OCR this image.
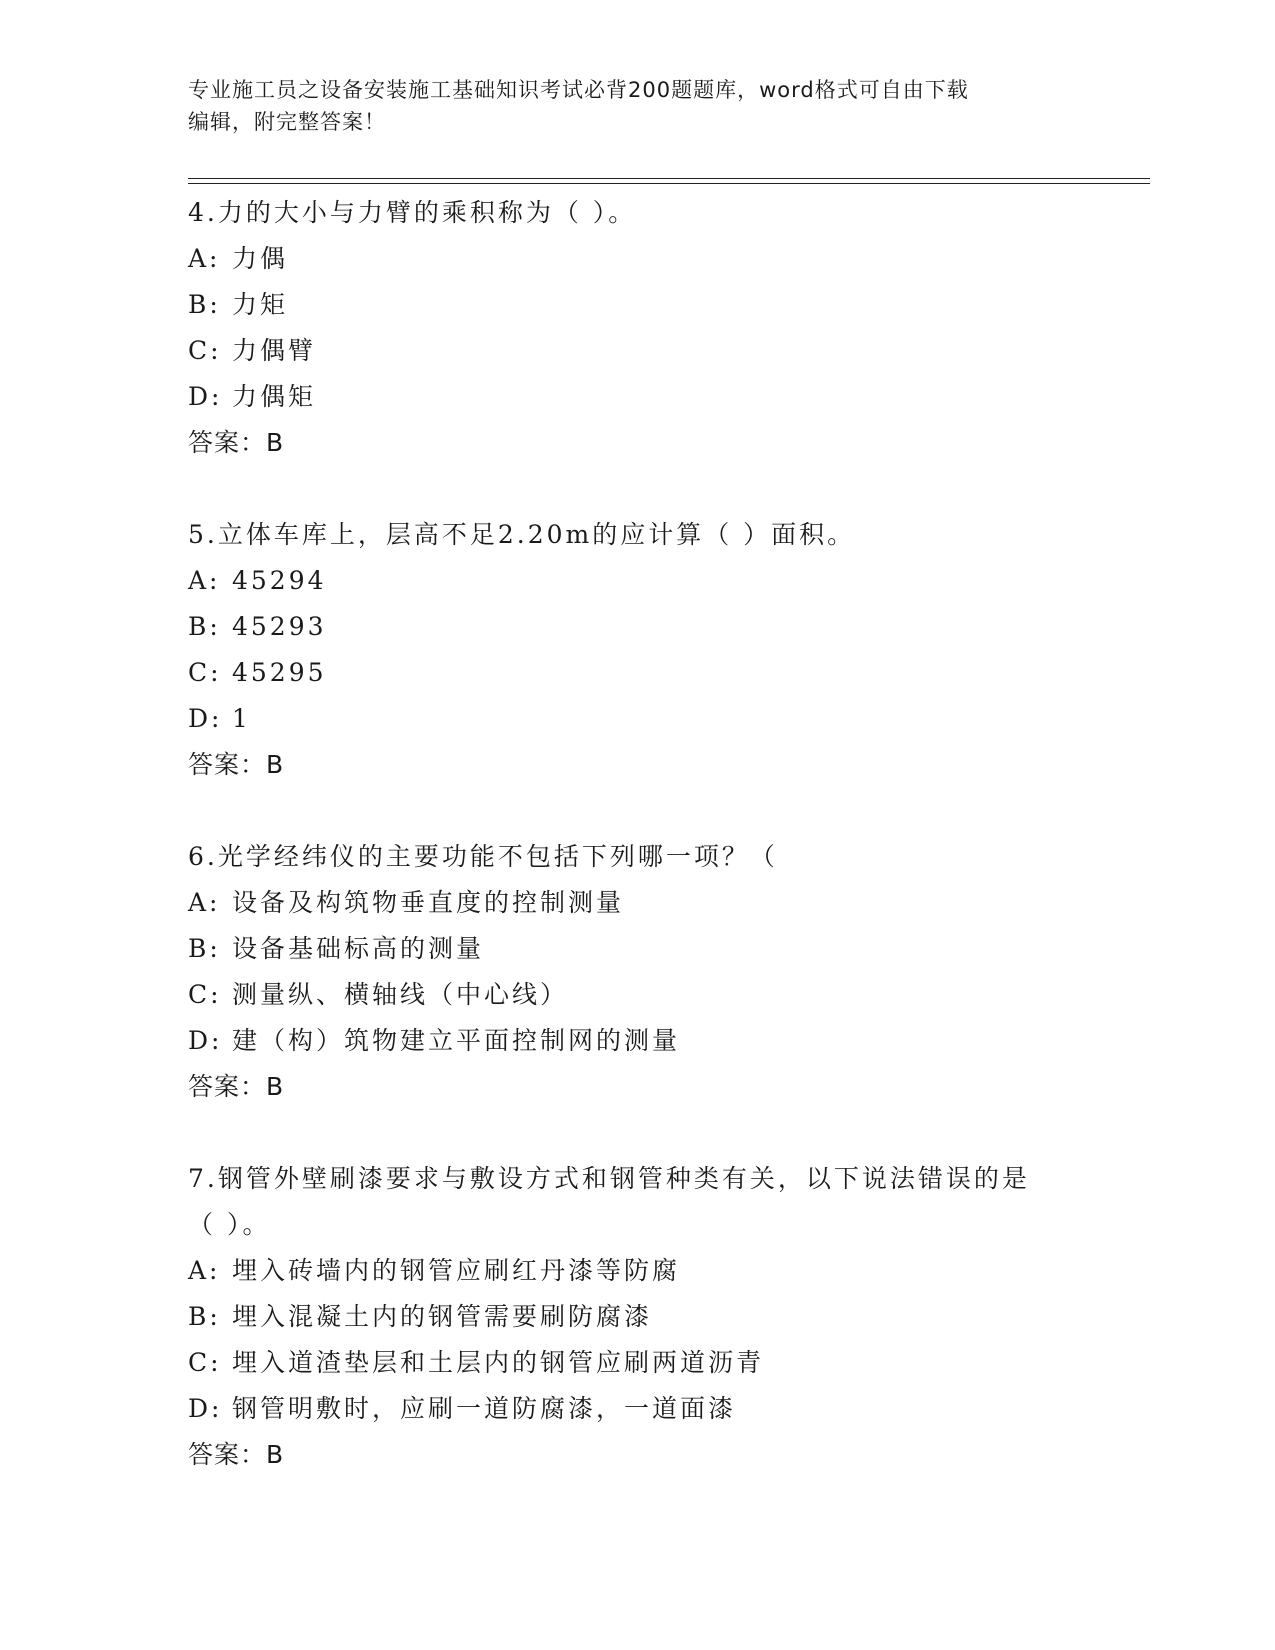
专业施工员之设备安装施工基础知识考试必背200题题库，word格式可自由下载
编辑，附完整答案！
4.力的大小与力臂的乘积称为（ ）。
A: 力偶
B: 力矩
C: 力偶臂
D: 力偶矩
答案：B
5.立体车库上，层高不足2.20m的应计算（ ）面积。
A: 45294
B: 45293
C: 45295
D: 1
答案：B
6.光学经纬仪的主要功能不包括下列哪一项？（
A: 设备及构筑物垂直度的控制测量
B: 设备基础标高的测量
C: 测量纵、横轴线（中心线）
D: 建（构）筑物建立平面控制网的测量
答案：B
7.钢管外壁刷漆要求与敷设方式和钢管种类有关，以下说法错误的是
（ ）。
A: 埋入砖墙内的钢管应刷红丹漆等防腐
B: 埋入混凝土内的钢管需要刷防腐漆
C: 埋入道渣垫层和土层内的钢管应刷两道沥青
D: 钢管明敷时，应刷一道防腐漆，一道面漆
答案：B
